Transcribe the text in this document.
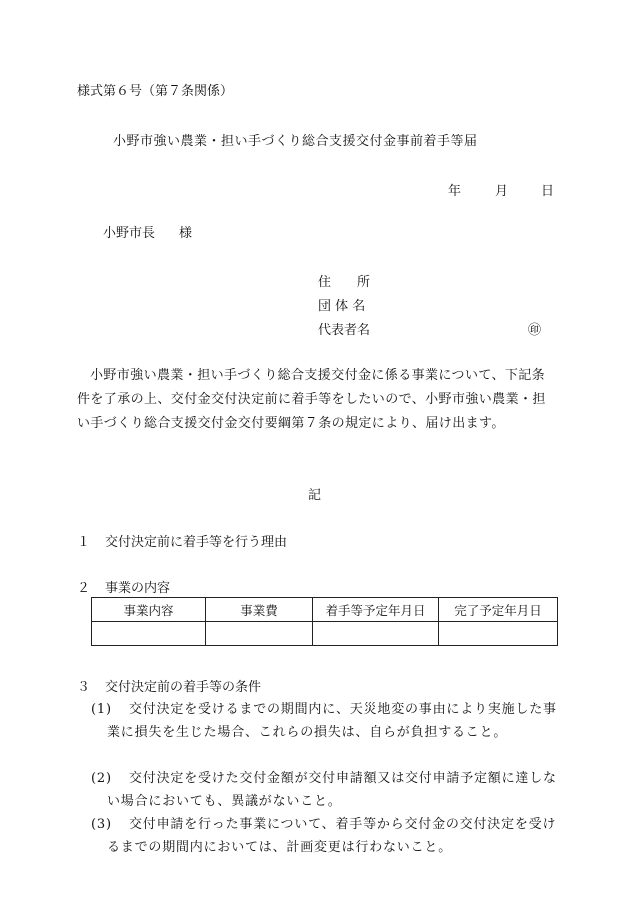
様式第６号（第７条関係）
小野市強い農業・担い手づくり総合支援交付金事前着手等届
年	月	日
小野市長 様
住　　所
団 体 名
代表者名	㊞
小野市強い農業・担い手づくり総合支援交付金に係る事業について、下記条件を了承の上、交付金交付決定前に着手等をしたいので、小野市強い農業・担い手づくり総合支援交付金交付要綱第７条の規定により、届け出ます。
記
１ 交付決定前に着手等を行う理由
２ 事業の内容
事業内容	事業費	着手等予定年月日	完了予定年月日

３ 交付決定前の着手等の条件
(1)	交付決定を受けるまでの期間内に、天災地変の事由により実施した事業に損失を生じた場合、これらの損失は、自らが負担すること。
(2)	交付決定を受けた交付金額が交付申請額又は交付申請予定額に達しない場合においても、異議がないこと。
(3)	交付申請を行った事業について、着手等から交付金の交付決定を受けるまでの期間内においては、計画変更は行わないこと。
